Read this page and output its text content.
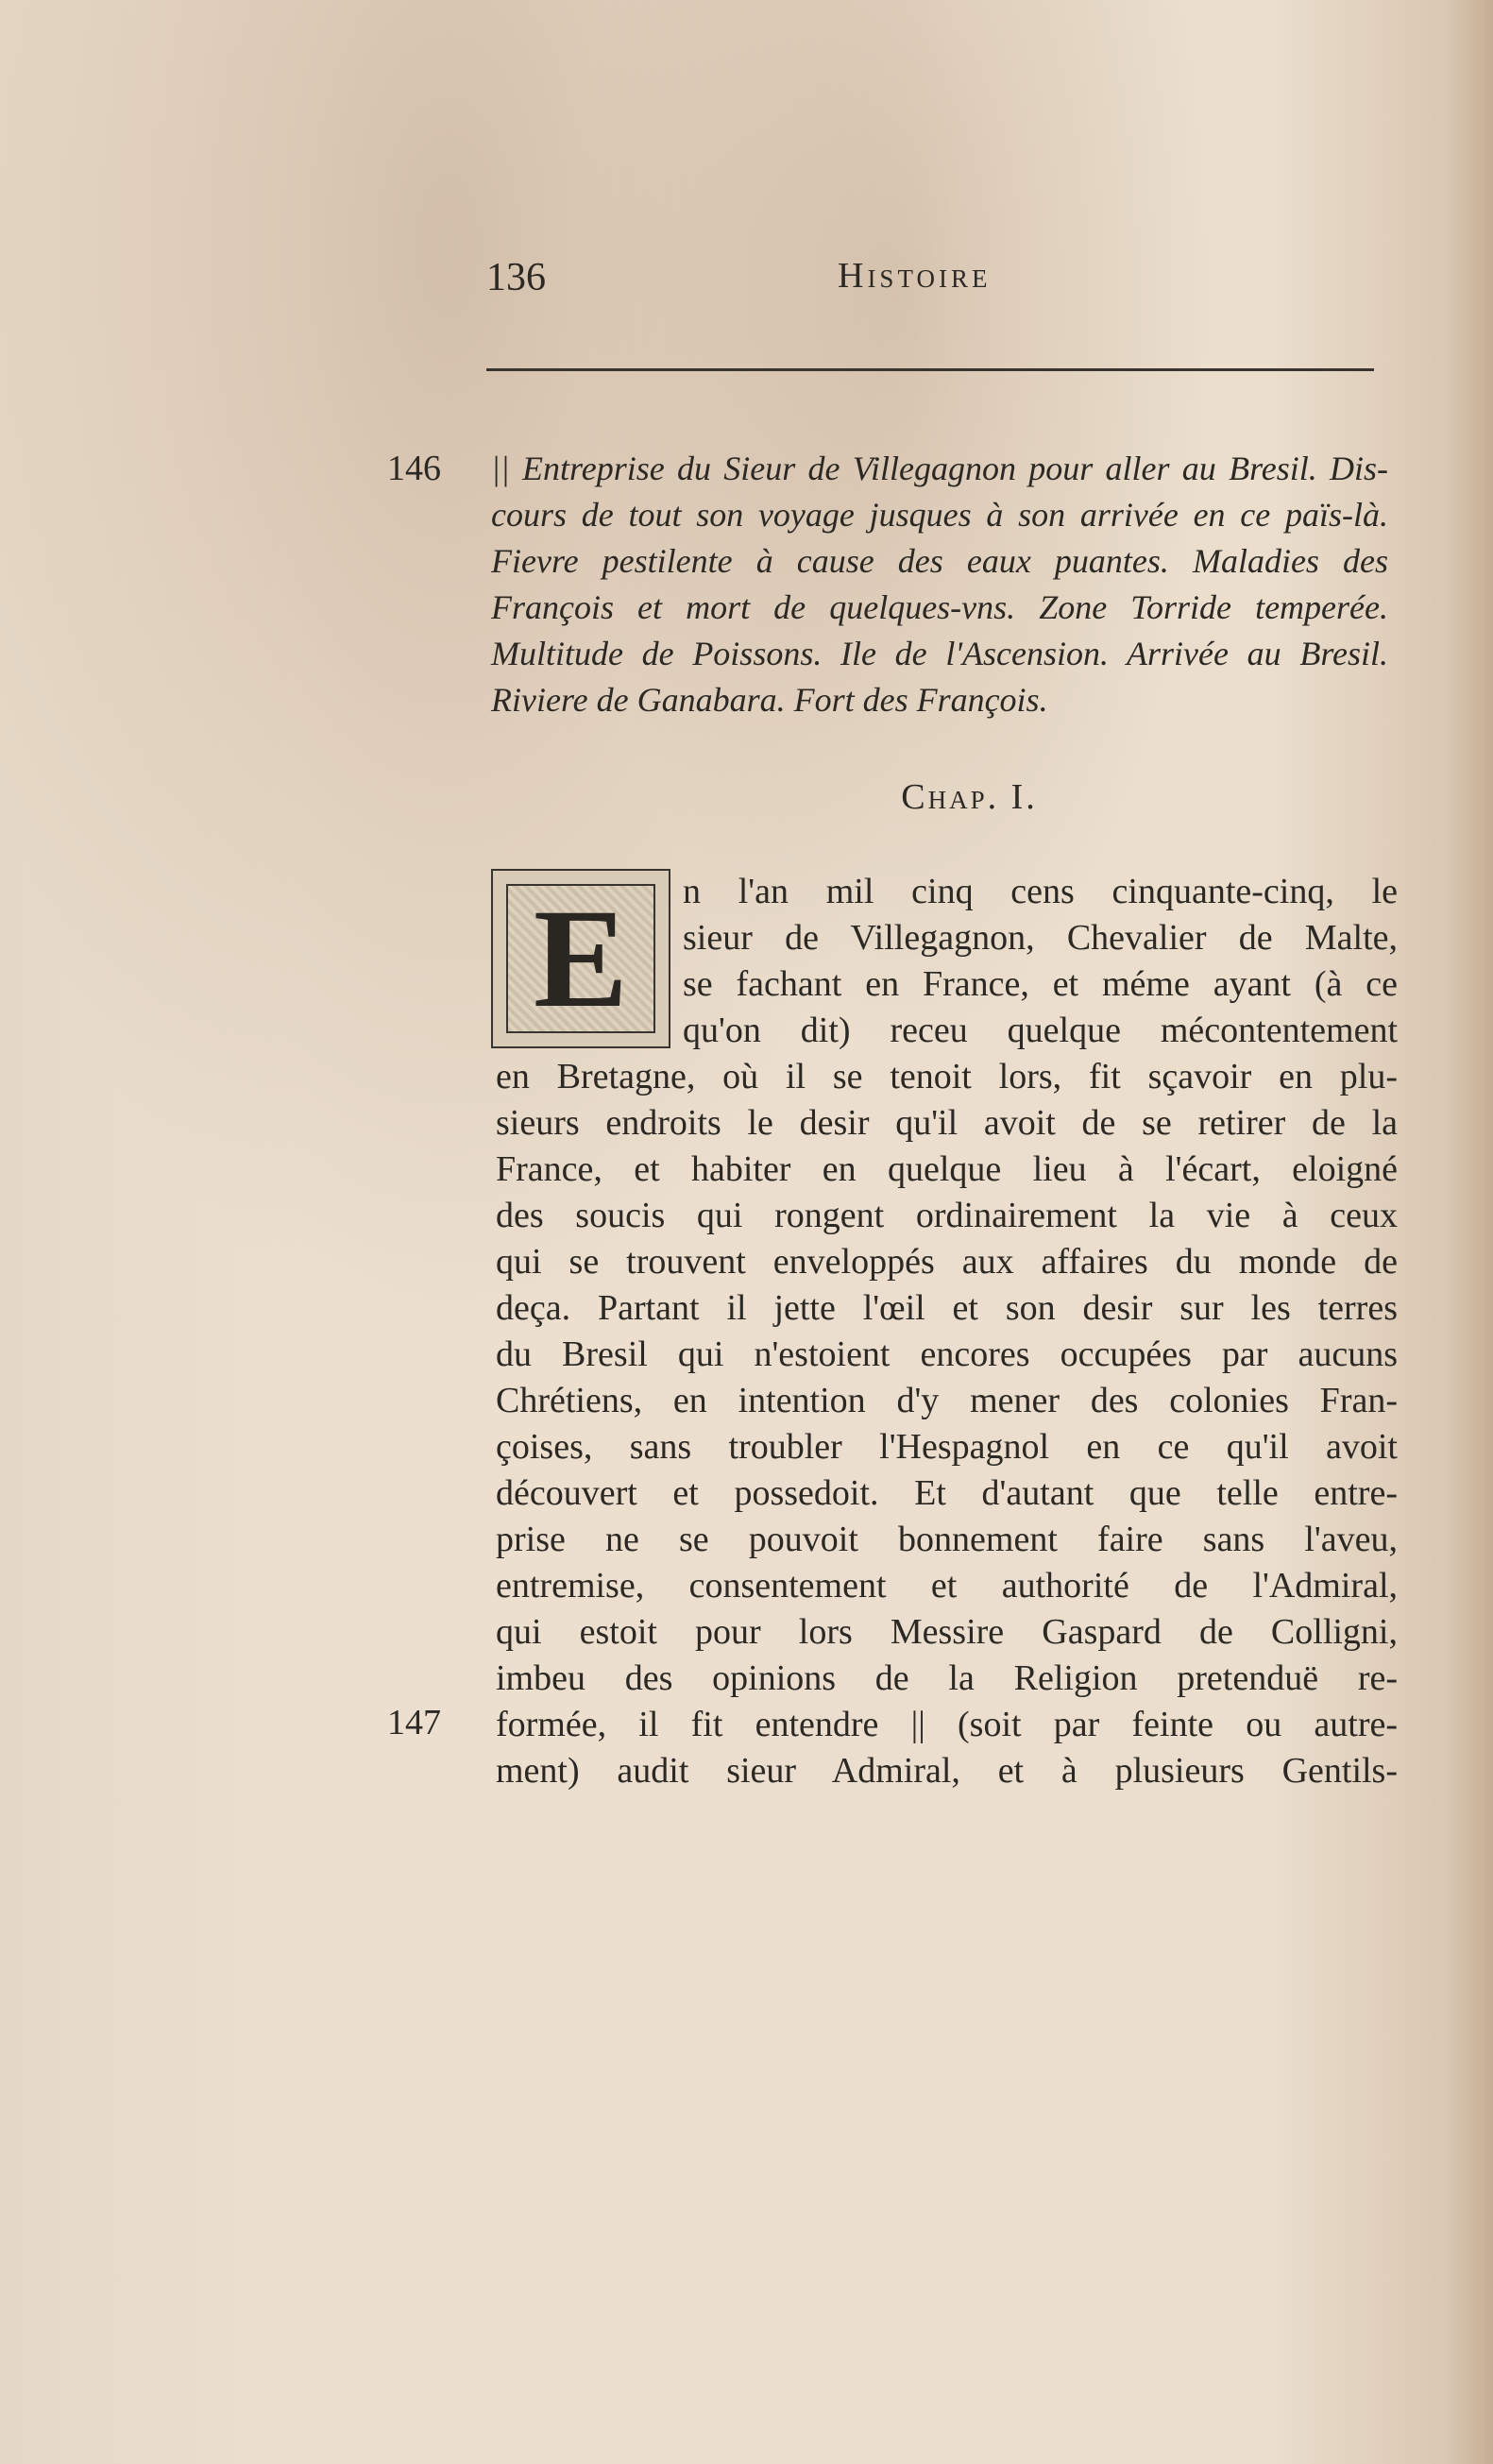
136	Histoire
146 || Entreprise du Sieur de Villegagnon pour aller au Bresil. Dis-
cours de tout son voyage jusques à son arrivée en ce païs-là.
Fievre pestilente à cause des eaux puantes. Maladies des
François et mort de quelques-vns. Zone Torride temperée.
Multitude de Poissons. Ile de l'Ascension. Arrivée au Bresil.
Riviere de Ganabara. Fort des François.
Chap. I.
E	n l'an mil cinq cens cinquante-cinq, le
sieur de Villegagnon, Chevalier de Malte,
se fachant en France, et méme ayant (à ce
qu'on dit) receu quelque mécontentement
en Bretagne, où il se tenoit lors, fit sçavoir en plu-
sieurs endroits le desir qu'il avoit de se retirer de la
France, et habiter en quelque lieu à l'écart, eloigné
des soucis qui rongent ordinairement la vie à ceux
qui se trouvent enveloppés aux affaires du monde de
deça. Partant il jette l'œil et son desir sur les terres
du Bresil qui n'estoient encores occupées par aucuns
Chrétiens, en intention d'y mener des colonies Fran-
çoises, sans troubler l'Hespagnol en ce qu'il avoit
découvert et possedoit. Et d'autant que telle entre-
prise ne se pouvoit bonnement faire sans l'aveu,
entremise, consentement et authorité de l'Admiral,
qui estoit pour lors Messire Gaspard de Colligni,
imbeu des opinions de la Religion pretenduë re-
formée, il fit entendre || (soit par feinte ou autre-
ment) audit sieur Admiral, et à plusieurs Gentils-
147
